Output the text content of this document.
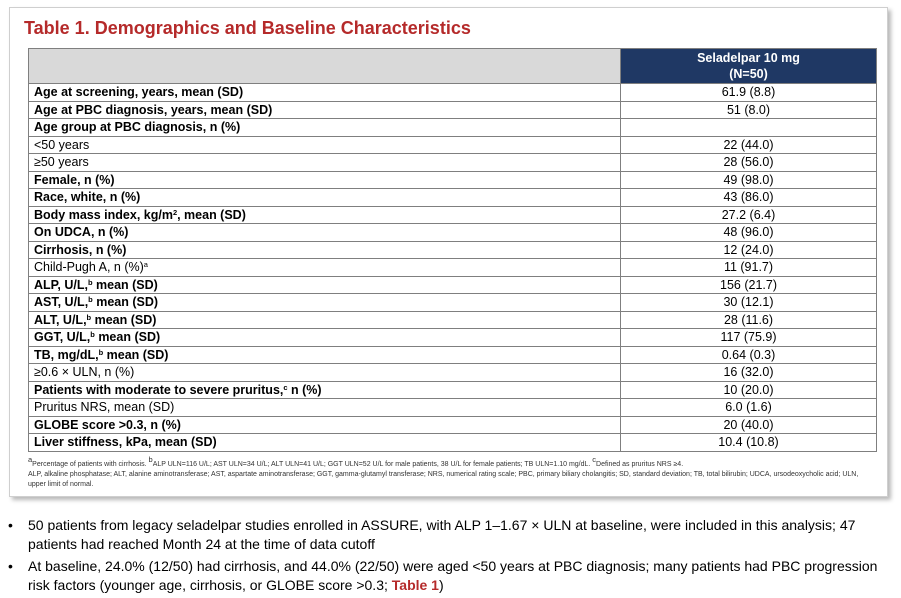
Table 1. Demographics and Baseline Characteristics
	Seladelpar 10 mg
(N=50)
Age at screening, years, mean (SD)	61.9 (8.8)
Age at PBC diagnosis, years, mean (SD)	51 (8.0)
Age group at PBC diagnosis, n (%)	
<50 years	22 (44.0)
≥50 years	28 (56.0)
Female, n (%)	49 (98.0)
Race, white, n (%)	43 (86.0)
Body mass index, $kg/m^2$, mean (SD)	27.2 (6.4)
On UDCA, n (%)	48 (96.0)
Cirrhosis, n (%)	12 (24.0)
Child-Pugh A, n (%)$^a$	11 (91.7)
ALP, U/L,$^b$ mean (SD)	156 (21.7)
AST, U/L,$^b$ mean (SD)	30 (12.1)
ALT, U/L,$^b$ mean (SD)	28 (11.6)
GGT, U/L,$^b$ mean (SD)	117 (75.9)
TB, mg/dL,$^b$ mean (SD)	0.64 (0.3)
≥0.6 × ULN, n (%)	16 (32.0)
Patients with moderate to severe pruritus,$^c$ n (%)	10 (20.0)
Pruritus NRS, mean (SD)	6.0 (1.6)
GLOBE score >0.3, n (%)	20 (40.0)
Liver stiffness, kPa, mean (SD)	10.4 (10.8)
$^a$Percentage of patients with cirrhosis. $^b$ALP ULN=116 U/L; AST ULN=34 U/L; ALT ULN=41 U/L; GGT ULN=52 U/L for male patients, 38 U/L for female patients; TB ULN=1.10 mg/dL. $^c$Defined as pruritus NRS ≥4.
ALP, alkaline phosphatase; ALT, alanine aminotransferase; AST, aspartate aminotransferase; GGT, gamma-glutamyl transferase; NRS, numerical rating scale; PBC, primary biliary cholangitis; SD, standard deviation; TB, total bilirubin; UDCA, ursodeoxycholic acid; ULN, upper limit of normal.
•	50 patients from legacy seladelpar studies enrolled in ASSURE, with ALP 1–1.67 × ULN at baseline, were included in this analysis; 47 patients had reached Month 24 at the time of data cutoff
•	At baseline, 24.0% (12/50) had cirrhosis, and 44.0% (22/50) were aged <50 years at PBC diagnosis; many patients had PBC progression risk factors (younger age, cirrhosis, or GLOBE score >0.3; Table 1)
